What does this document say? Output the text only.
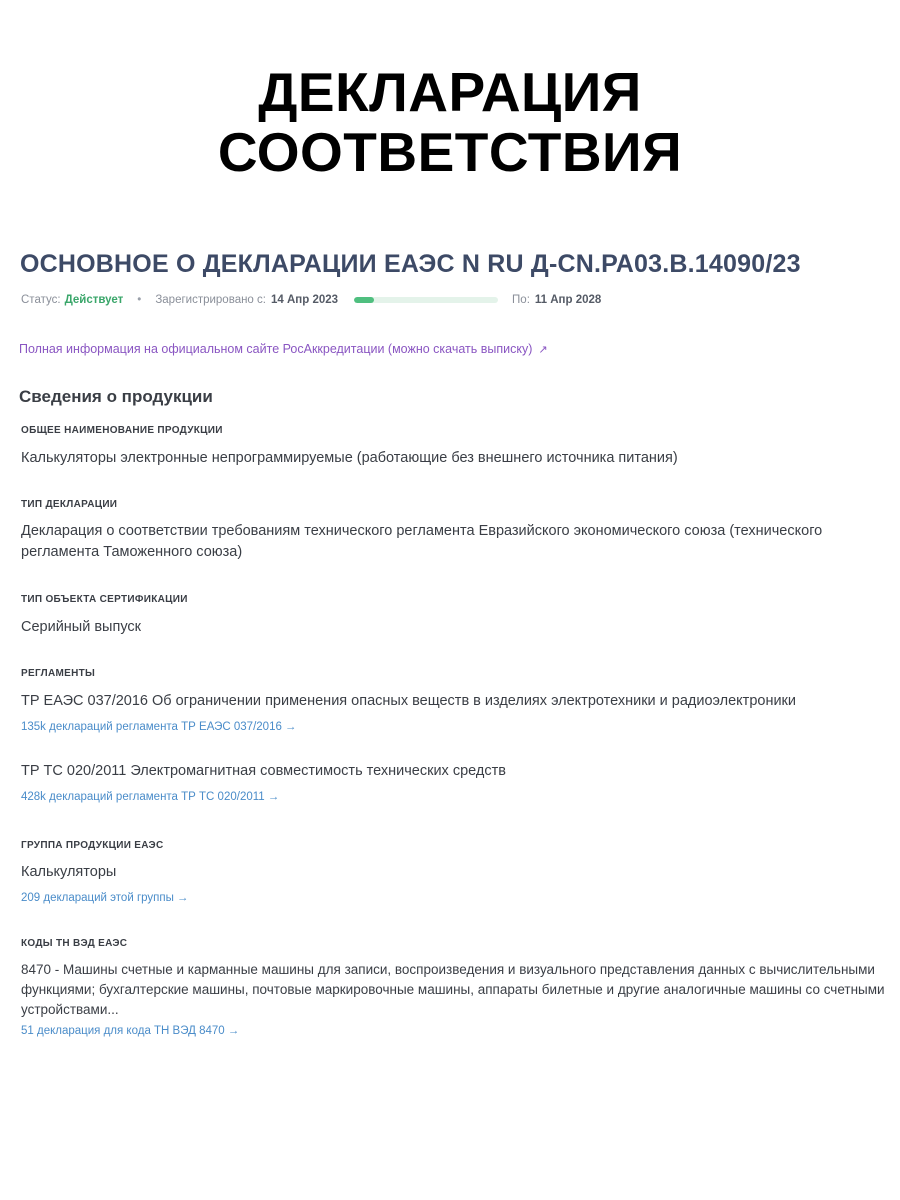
ДЕКЛАРАЦИЯ
СООТВЕТСТВИЯ
ОСНОВНОЕ О ДЕКЛАРАЦИИ ЕАЭС N RU Д-CN.РА03.В.14090/23
Статус: Действует • Зарегистрировано с: 14 Апр 2023	По: 11 Апр 2028
Полная информация на официальном сайте РосАккредитации (можно скачать выписку) ↗
Сведения о продукции
ОБЩЕЕ НАИМЕНОВАНИЕ ПРОДУКЦИИ
Калькуляторы электронные непрограммируемые (работающие без внешнего источника питания)
ТИП ДЕКЛАРАЦИИ
Декларация о соответствии требованиям технического регламента Евразийского экономического союза (технического регламента Таможенного союза)
ТИП ОБЪЕКТА СЕРТИФИКАЦИИ
Серийный выпуск
РЕГЛАМЕНТЫ
ТР ЕАЭС 037/2016 Об ограничении применения опасных веществ в изделиях электротехники и радиоэлектроники
135k деклараций регламента ТР ЕАЭС 037/2016 →
ТР ТС 020/2011 Электромагнитная совместимость технических средств
428k деклараций регламента ТР ТС 020/2011 →
ГРУППА ПРОДУКЦИИ ЕАЭС
Калькуляторы
209 деклараций этой группы →
КОДЫ ТН ВЭД ЕАЭС
8470 - Машины счетные и карманные машины для записи, воспроизведения и визуального представления данных с вычислительными функциями; бухгалтерские машины, почтовые маркировочные машины, аппараты билетные и другие аналогичные машины со счетными устройствами...
51 декларация для кода ТН ВЭД 8470 →
